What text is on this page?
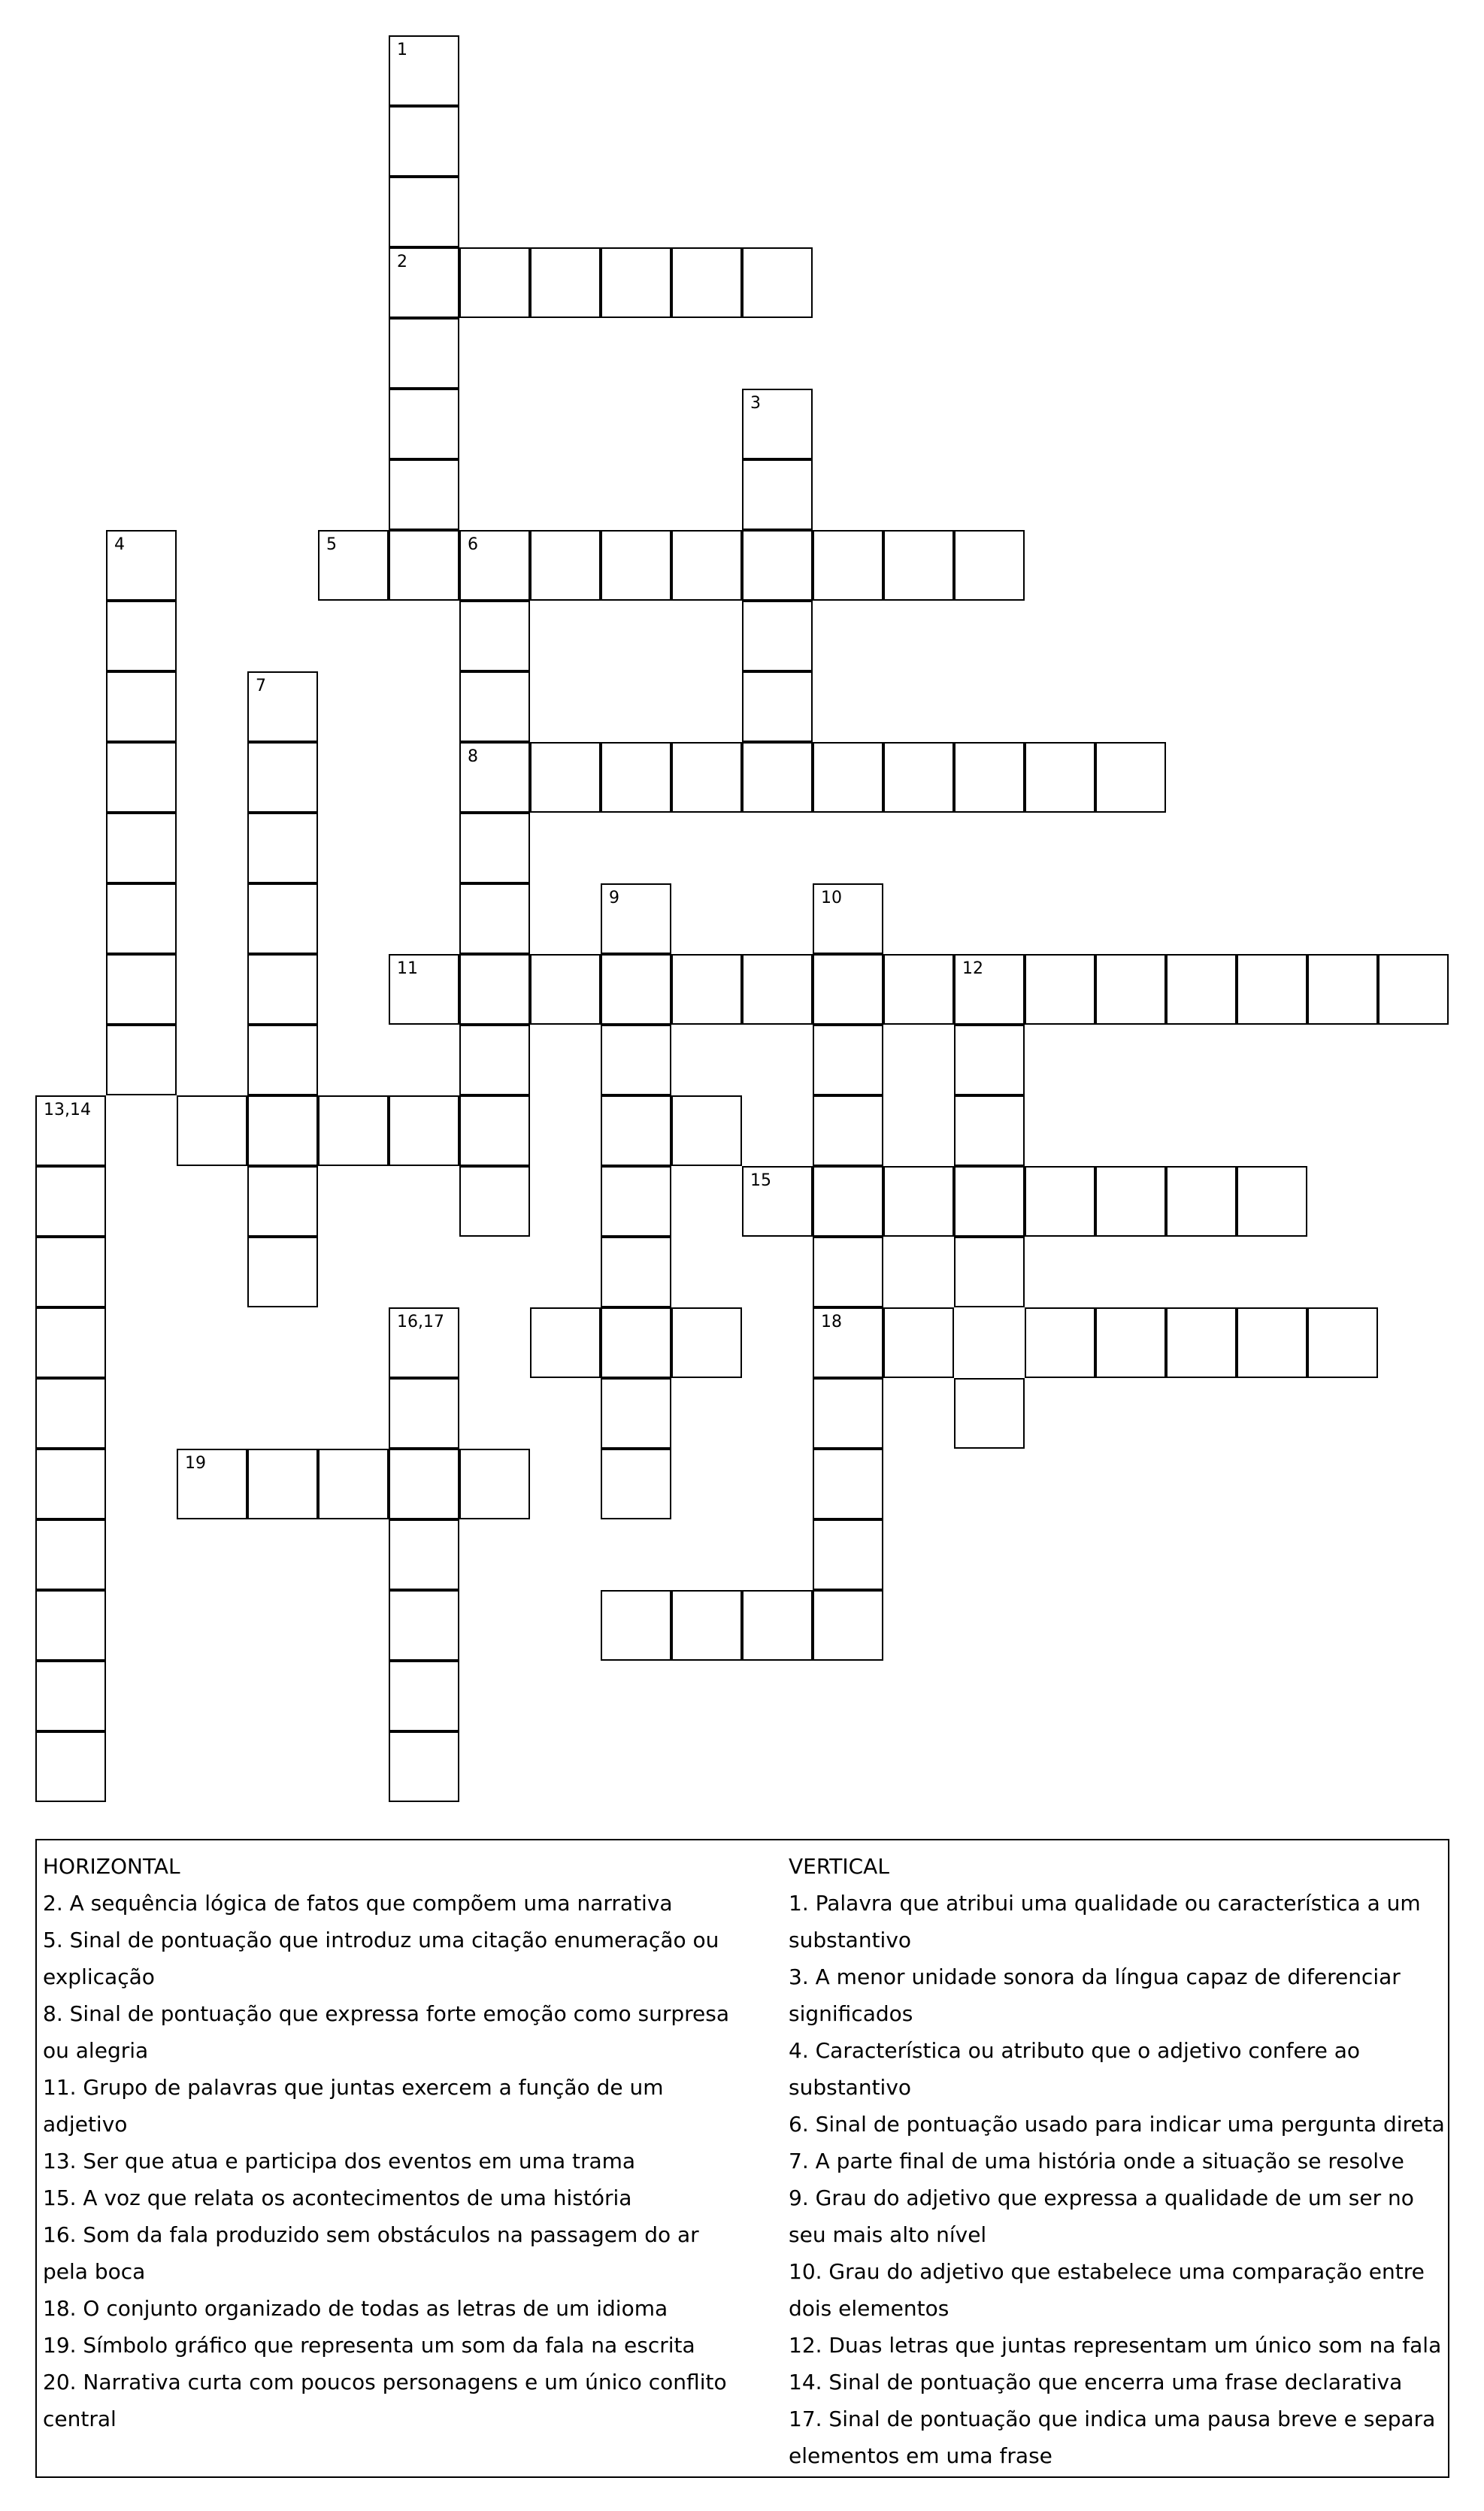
1
2
3
4	5	6
8
7
9	10
18
11	12
13,14
15
16,17
19

HORIZONTAL

2. A sequência lógica de fatos que compõem uma narrativa

5. Sinal de pontuação que introduz uma citação enumeração ou explicação

8. Sinal de pontuação que expressa forte emoção como surpresa ou alegria

11. Grupo de palavras que juntas exercem a função de um adjetivo

13. Ser que atua e participa dos eventos em uma trama

15. A voz que relata os acontecimentos de uma história

16. Som da fala produzido sem obstáculos na passagem do ar pela boca

18. O conjunto organizado de todas as letras de um idioma

19. Símbolo gráfico que representa um som da fala na escrita

20. Narrativa curta com poucos personagens e um único conflito central

VERTICAL

1. Palavra que atribui uma qualidade ou característica a um substantivo

3. A menor unidade sonora da língua capaz de diferenciar significados

4. Característica ou atributo que o adjetivo confere ao substantivo

6. Sinal de pontuação usado para indicar uma pergunta direta

7. A parte final de uma história onde a situação se resolve

9. Grau do adjetivo que expressa a qualidade de um ser no seu mais alto nível

10. Grau do adjetivo que estabelece uma comparação entre dois elementos

12. Duas letras que juntas representam um único som na fala

14. Sinal de pontuação que encerra uma frase declarativa

17. Sinal de pontuação que indica uma pausa breve e separa elementos em uma frase
